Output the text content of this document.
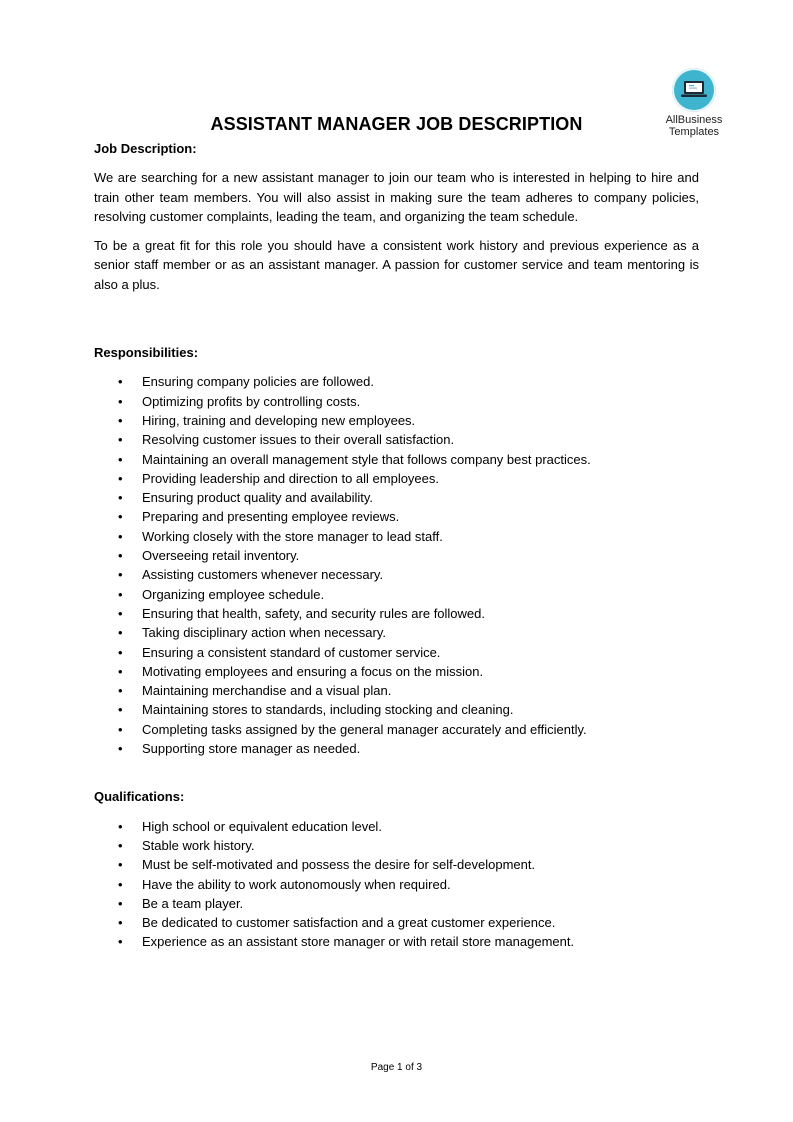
AllBusiness
Templates
ASSISTANT MANAGER JOB DESCRIPTION

Job Description:

We are searching for a new assistant manager to join our team who is interested in helping to hire and train other team members. You will also assist in making sure the team adheres to company policies, resolving customer complaints, leading the team, and organizing the team schedule.

To be a great fit for this role you should have a consistent work history and previous experience as a senior staff member or as an assistant manager. A passion for customer service and team mentoring is also a plus.

Responsibilities:

• Ensuring company policies are followed.
• Optimizing profits by controlling costs.
• Hiring, training and developing new employees.
• Resolving customer issues to their overall satisfaction.
• Maintaining an overall management style that follows company best practices.
• Providing leadership and direction to all employees.
• Ensuring product quality and availability.
• Preparing and presenting employee reviews.
• Working closely with the store manager to lead staff.
• Overseeing retail inventory.
• Assisting customers whenever necessary.
• Organizing employee schedule.
• Ensuring that health, safety, and security rules are followed.
• Taking disciplinary action when necessary.
• Ensuring a consistent standard of customer service.
• Motivating employees and ensuring a focus on the mission.
• Maintaining merchandise and a visual plan.
• Maintaining stores to standards, including stocking and cleaning.
• Completing tasks assigned by the general manager accurately and efficiently.
• Supporting store manager as needed.

Qualifications:

• High school or equivalent education level.
• Stable work history.
• Must be self-motivated and possess the desire for self-development.
• Have the ability to work autonomously when required.
• Be a team player.
• Be dedicated to customer satisfaction and a great customer experience.
• Experience as an assistant store manager or with retail store management.
Page 1 of 3
